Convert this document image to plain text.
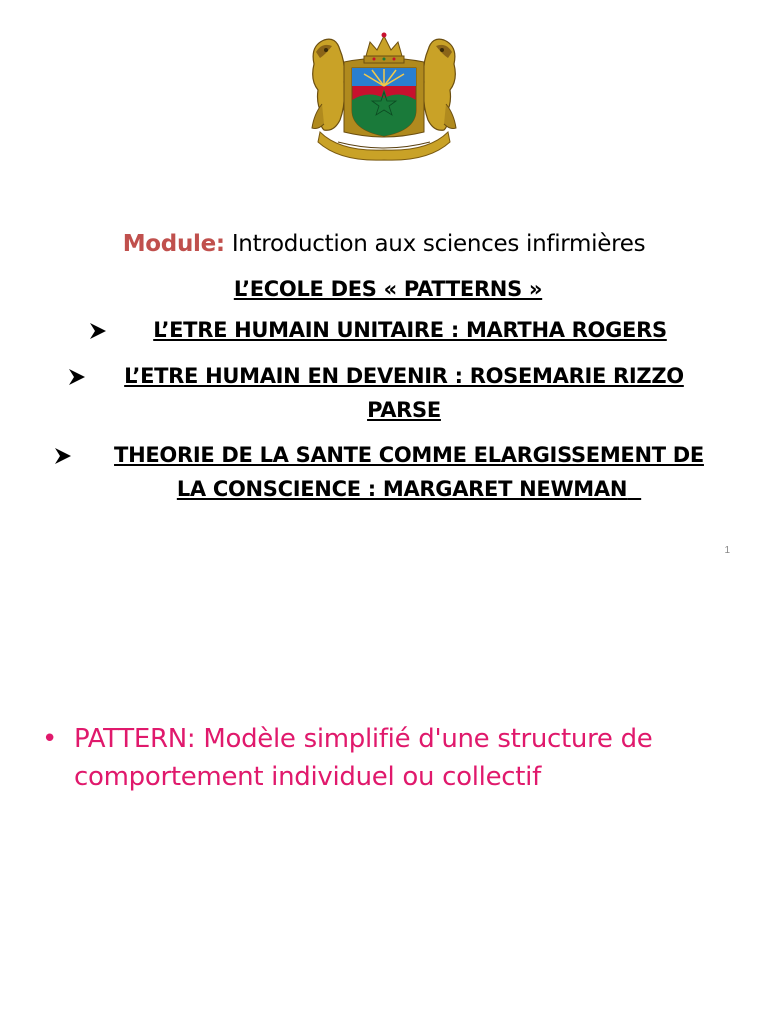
Module: Introduction aux sciences infirmières
L’ECOLE DES « PATTERNS »
L’ETRE HUMAIN UNITAIRE : MARTHA ROGERS
L’ETRE HUMAIN EN DEVENIR : ROSEMARIE RIZZO
PARSE
THEORIE DE LA SANTE COMME ELARGISSEMENT DE
LA CONSCIENCE : MARGARET NEWMAN
1
• PATTERN: Modèle simplifié d'une structure de comportement individuel ou collectif
